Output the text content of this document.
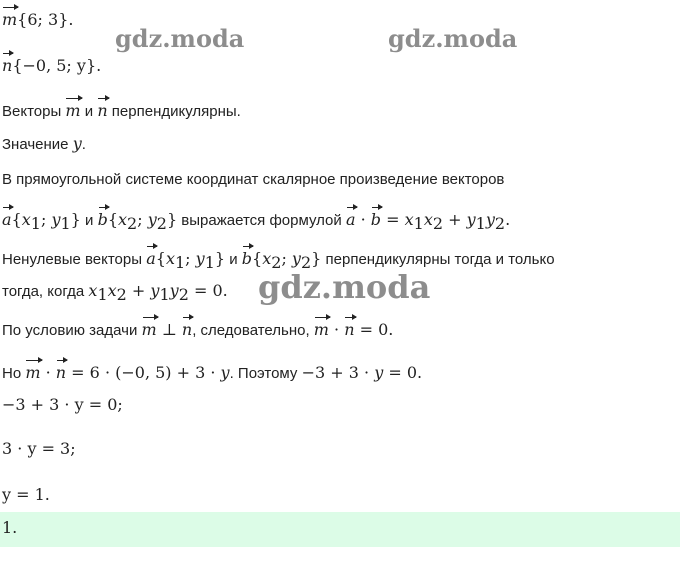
gdz.moda	gdz.moda
gdz.moda
m{6; 3}.
n{−0, 5; y}.
Векторы m и n перпендикулярны.
Значение y.
В прямоугольной системе координат скалярное произведение векторов
$a\{x_1$; $y_1$} и $b\{x_2$; $y_2$} выражается формулой $a \cdot b = x_1x_2 + y_1y_2$.
Ненулевые векторы $a\{x_1$; $y_1$} и $b\{x_2$; $y_2$} перпендикулярны тогда и только
тогда, когда $x_1x_2 + y_1y_2 = 0$.
По условию задачи m ⊥ n, следовательно, m · n = 0.
Но m · n = 6 · (−0, 5) + 3 · y. Поэтому −3 + 3 · y = 0.
−3 + 3 · y = 0;
3 · y = 3;
y = 1.
1.
